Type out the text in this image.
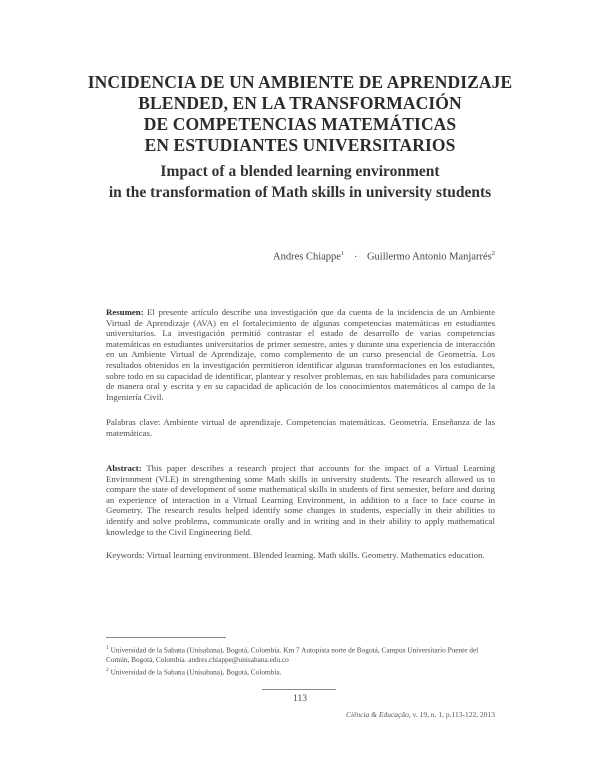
INCIDENCIA DE UN AMBIENTE DE APRENDIZAJE
BLENDED, EN LA TRANSFORMACIÓN
DE COMPETENCIAS MATEMÁTICAS
EN ESTUDIANTES UNIVERSITARIOS
Impact of a blended learning environment
in the transformation of Math skills in university students
Andres Chiappe$^1$ · Guillermo Antonio Manjarrés$^2$
Resumen: El presente artículo describe una investigación que da cuenta de la incidencia de un Ambiente Virtual de Aprendizaje (AVA) en el fortalecimiento de algunas competencias matemáticas en estudiantes universitarios. La investigación permitió contrastar el estado de desarrollo de varias competencias matemáticas en estudiantes universitarios de primer semestre, antes y durante una experiencia de interacción en un Ambiente Virtual de Aprendizaje, como complemento de un curso presencial de Geometría. Los resultados obtenidos en la investigación permitieron identificar algunas transformaciones en los estudiantes, sobre todo en su capacidad de identificar, plantear y resolver problemas, en sus habilidades para comunicarse de manera oral y escrita y en su capacidad de aplicación de los conocimientos matemáticos al campo de la Ingeniería Civil.
Palabras clave: Ambiente virtual de aprendizaje. Competencias matemáticas. Geometría. Enseñanza de las matemáticas.
Abstract: This paper describes a research project that accounts for the impact of a Virtual Learning Environment (VLE) in strengthening some Math skills in university students. The research allowed us to compare the state of development of some mathematical skills in students of first semester, before and during an experience of interaction in a Virtual Learning Environment, in addition to a face to face course in Geometry. The research results helped identify some changes in students, especially in their abilities to identify and solve problems, communicate orally and in writing and in their ability to apply mathematical knowledge to the Civil Engineering field.
Keywords: Virtual learning environment. Blended learning. Math skills. Geometry. Mathematics education.

$^1$ Universidad de la Sabana (Unisabana), Bogotá, Colombia. Km 7 Autopista norte de Bogotá, Campus Universitario Puente del Común, Bogotá, Colombia. andres.chiappe@unisabana.edu.co

$^2$ Universidad de la Sabana (Unisabana), Bogotá, Colombia.

113
Ciência & Educação, v. 19, n. 1, p.113-122, 2013
